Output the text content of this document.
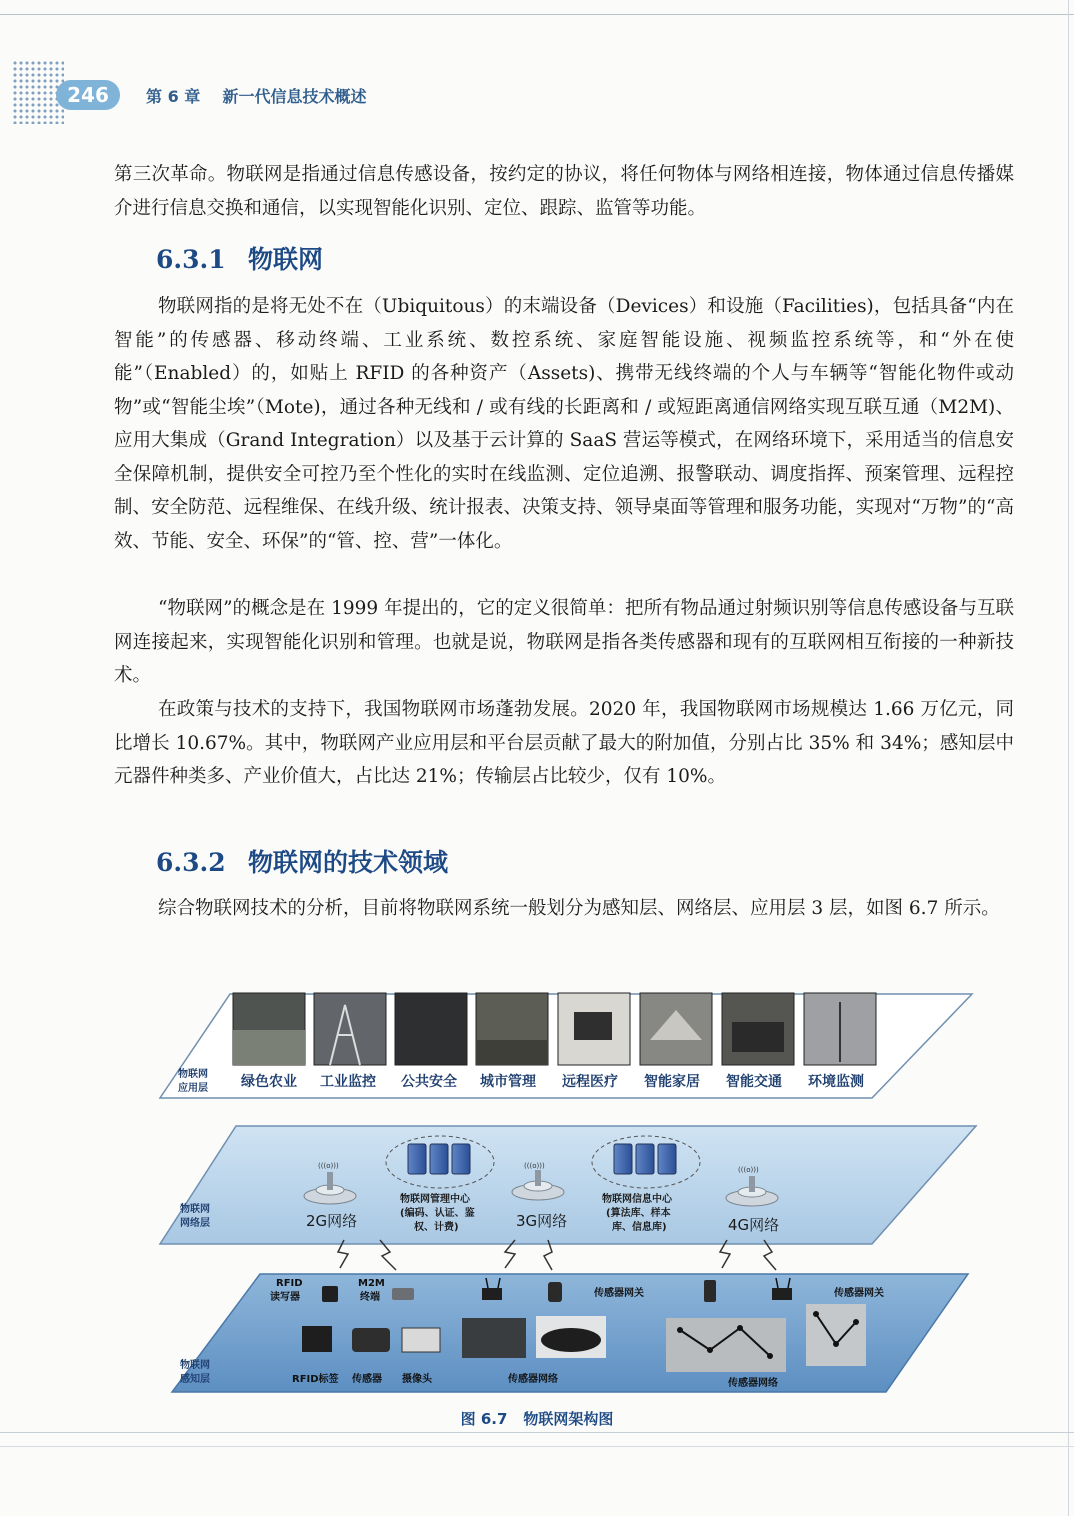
246	第 6 章    新一代信息技术概述

第三次革命。物联网是指通过信息传感设备，按约定的协议，将任何物体与网络相连接，物体通过信息传播媒介进行信息交换和通信，以实现智能化识别、定位、跟踪、监管等功能。

6.3.1 物联网

物联网指的是将无处不在（Ubiquitous）的末端设备（Devices）和设施（Facilities)，包括具备“内在智能”的传感器、移动终端、工业系统、数控系统、家庭智能设施、视频监控系统等，和“外在使能”（Enabled）的，如贴上 RFID 的各种资产（Assets)、携带无线终端的个人与车辆等“智能化物件或动物”或“智能尘埃”（Mote)，通过各种无线和 / 或有线的长距离和 / 或短距离通信网络实现互联互通（M2M)、应用大集成（Grand Integration）以及基于云计算的 SaaS 营运等模式，在网络环境下，采用适当的信息安全保障机制，提供安全可控乃至个性化的实时在线监测、定位追溯、报警联动、调度指挥、预案管理、远程控制、安全防范、远程维保、在线升级、统计报表、决策支持、领导桌面等管理和服务功能，实现对“万物”的“高效、节能、安全、环保”的“管、控、营”一体化。

“物联网”的概念是在 1999 年提出的，它的定义很简单：把所有物品通过射频识别等信息传感设备与互联网连接起来，实现智能化识别和管理。也就是说，物联网是指各类传感器和现有的互联网相互衔接的一种新技术。

在政策与技术的支持下，我国物联网市场蓬勃发展。2020 年，我国物联网市场规模达 1.66 万亿元，同比增长 10.67%。其中，物联网产业应用层和平台层贡献了最大的附加值，分别占比 35% 和 34%；感知层中元器件种类多、产业价值大，占比达 21%；传输层占比较少，仅有 10%。

6.3.2 物联网的技术领域

综合物联网技术的分析，目前将物联网系统一般划分为感知层、网络层、应用层 3 层，如图 6.7 所示。

物联网
应用层 绿色农业 工业监控 公共安全 城市管理 远程医疗 智能家居 智能交通 环境监测
物联网
网络层
(((o)))
2G网络
物联网管理中心
(编码、认证、鉴
权、计费)
(((o)))
3G网络
物联网信息中心
(算法库、样本
库、信息库)
(((o)))
4G网络
物联网
感知层
RFID
读写器
M2M
终端	传感器网关	传感器网关
RFID标签 传感器 摄像头	传感器网络	传感器网络
图 6.7 物联网架构图
